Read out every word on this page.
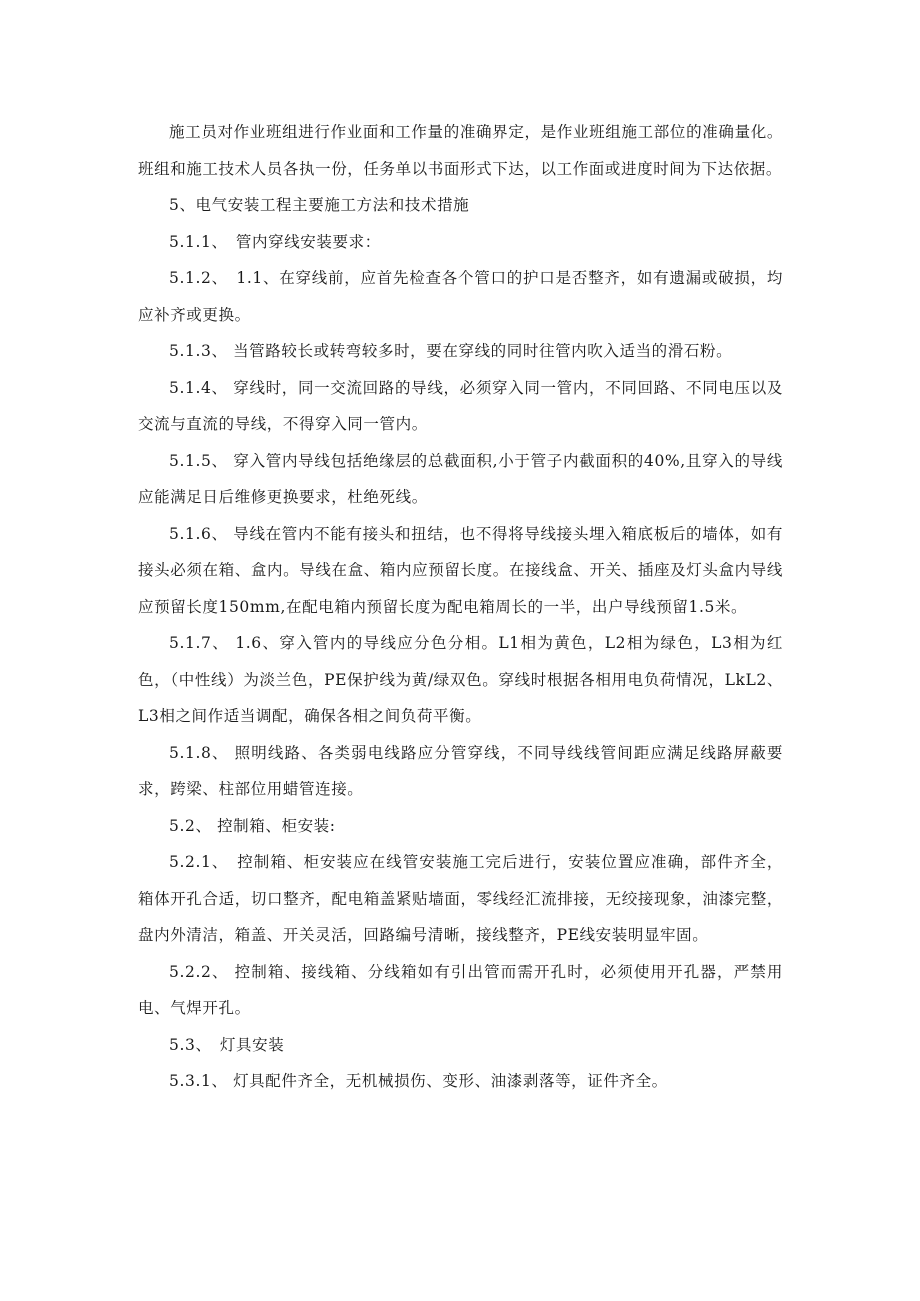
施工员对作业班组进行作业面和工作量的准确界定，是作业班组施工部位的准确量化。班组和施工技术人员各执一份，任务单以书面形式下达，以工作面或进度时间为下达依据。

5、电气安装工程主要施工方法和技术措施

5.1.1、　管内穿线安装要求：

5.1.2、　1.1、在穿线前，应首先检查各个管口的护口是否整齐，如有遗漏或破损，均应补齐或更换。

5.1.3、 当管路较长或转弯较多时，要在穿线的同时往管内吹入适当的滑石粉。

5.1.4、 穿线时，同一交流回路的导线，必须穿入同一管内，不同回路、不同电压以及交流与直流的导线，不得穿入同一管内。

5.1.5、 穿入管内导线包括绝缘层的总截面积,小于管子内截面积的40%,且穿入的导线应能满足日后维修更换要求，杜绝死线。

5.1.6、 导线在管内不能有接头和扭结，也不得将导线接头埋入箱底板后的墙体，如有接头必须在箱、盒内。导线在盒、箱内应预留长度。在接线盒、开关、插座及灯头盒内导线应预留长度150mm,在配电箱内预留长度为配电箱周长的一半，出户导线预留1.5米。

5.1.7、 1.6、穿入管内的导线应分色分相。L1相为黄色，L2相为绿色，L3相为红色，（中性线）为淡兰色，PE保护线为黄/绿双色。穿线时根据各相用电负荷情况，LkL2、L3相之间作适当调配，确保各相之间负荷平衡。

5.1.8、 照明线路、各类弱电线路应分管穿线，不同导线线管间距应满足线路屏蔽要求，跨梁、柱部位用蜡管连接。

5.2、 控制箱、柜安装:

5.2.1、　控制箱、柜安装应在线管安装施工完后进行，安装位置应准确，部件齐全，箱体开孔合适，切口整齐，配电箱盖紧贴墙面，零线经汇流排接，无绞接现象，油漆完整，盘内外清洁，箱盖、开关灵活，回路编号清晰，接线整齐，PE线安装明显牢固。

5.2.2、 控制箱、接线箱、分线箱如有引出管而需开孔时，必须使用开孔器，严禁用电、气焊开孔。

5.3、　灯具安装

5.3.1、 灯具配件齐全，无机械损伤、变形、油漆剥落等，证件齐全。
